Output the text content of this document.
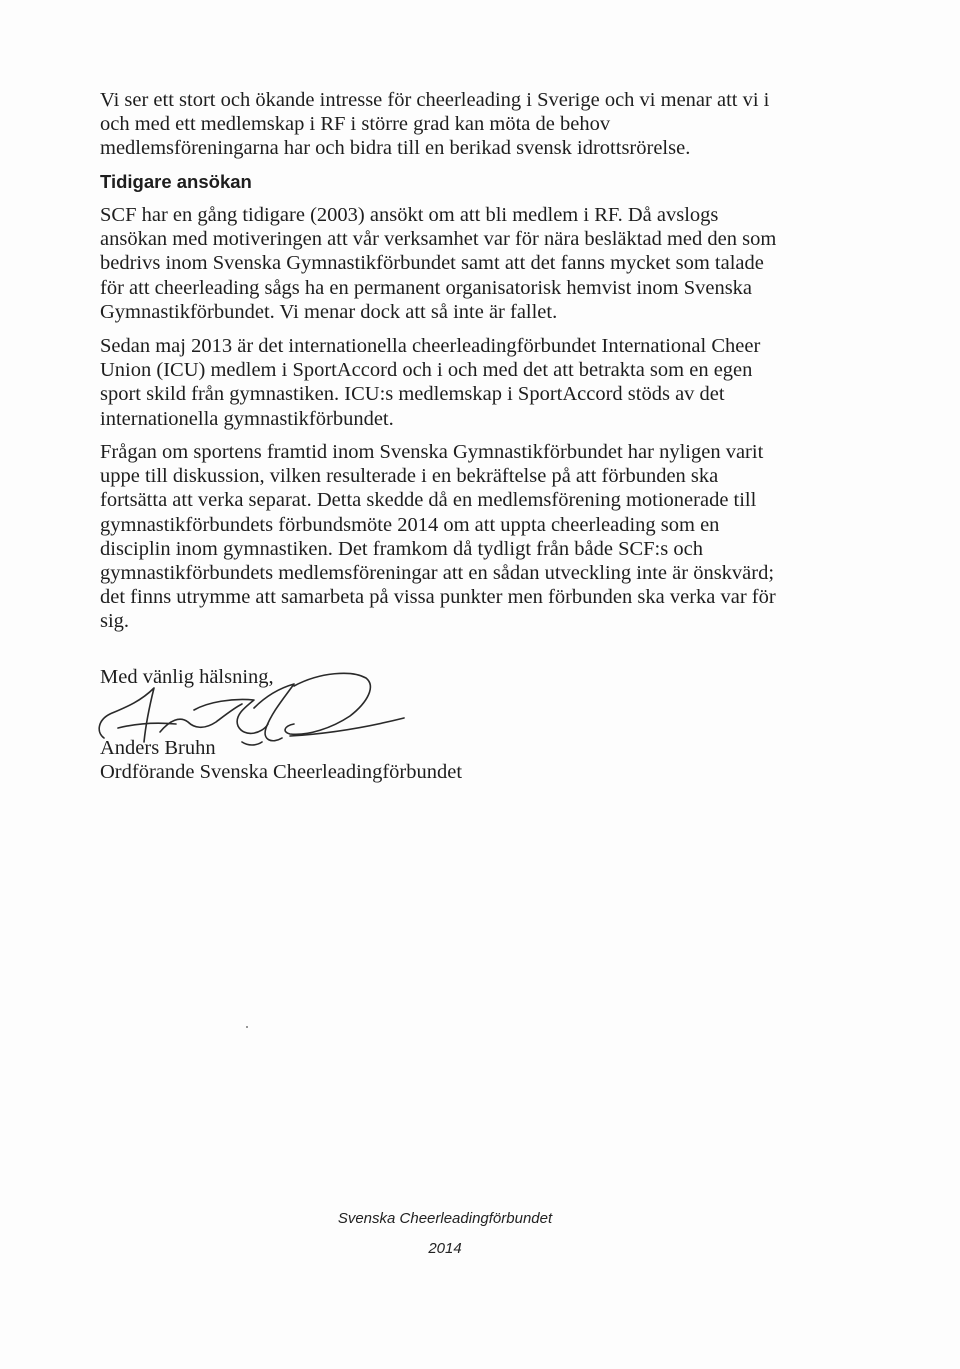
Vi ser ett stort och ökande intresse för cheerleading i Sverige och vi menar att vi i
och med ett medlemskap i RF i större grad kan möta de behov
medlemsföreningarna har och bidra till en berikad svensk idrottsrörelse.
Tidigare ansökan
SCF har en gång tidigare (2003) ansökt om att bli medlem i RF. Då avslogs
ansökan med motiveringen att vår verksamhet var för nära besläktad med den som
bedrivs inom Svenska Gymnastikförbundet samt att det fanns mycket som talade
för att cheerleading sågs ha en permanent organisatorisk hemvist inom Svenska
Gymnastikförbundet. Vi menar dock att så inte är fallet.
Sedan maj 2013 är det internationella cheerleadingförbundet International Cheer
Union (ICU) medlem i SportAccord och i och med det att betrakta som en egen
sport skild från gymnastiken. ICU:s medlemskap i SportAccord stöds av det
internationella gymnastikförbundet.
Frågan om sportens framtid inom Svenska Gymnastikförbundet har nyligen varit
uppe till diskussion, vilken resulterade i en bekräftelse på att förbunden ska
fortsätta att verka separat. Detta skedde då en medlemsförening motionerade till
gymnastikförbundets förbundsmöte 2014 om att uppta cheerleading som en
disciplin inom gymnastiken. Det framkom då tydligt från både SCF:s och
gymnastikförbundets medlemsföreningar att en sådan utveckling inte är önskvärd;
det finns utrymme att samarbeta på vissa punkter men förbunden ska verka var för
sig.
Med vänlig hälsning,
Anders Bruhn
Ordförande Svenska Cheerleadingförbundet
Svenska Cheerleadingförbundet
2014
